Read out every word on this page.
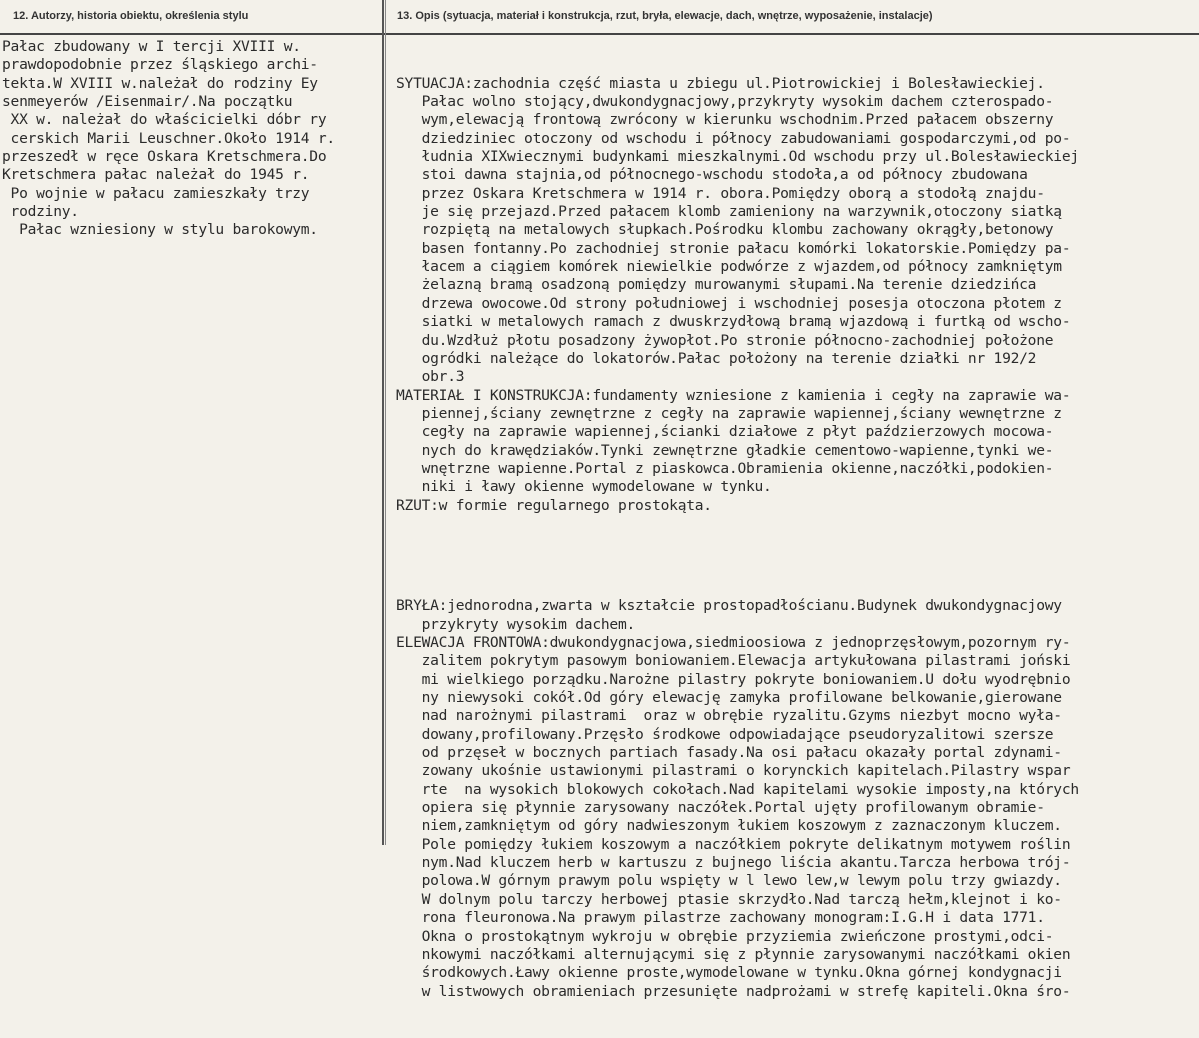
12. Autorzy, historia obiektu, określenia stylu	13. Opis (sytuacja, materiał i konstrukcja, rzut, bryła, elewacje, dach, wnętrze, wyposażenie, instalacje)
Pałac zbudowany w I tercji XVIII w.
prawdopodobnie przez śląskiego archi-
tekta.W XVIII w.należał do rodziny Ey
senmeyerów /Eisenmair/.Na początku
XX w. należał do właścicielki dóbr ry
cerskich Marii Leuschner.Około 1914 r.
przeszedł w ręce Oskara Kretschmera.Do
Kretschmera pałac należał do 1945 r.
Po wojnie w pałacu zamieszkały trzy
rodziny.
Pałac wzniesiony w stylu barokowym.

SYTUACJA:zachodnia część miasta u zbiegu ul.Piotrowickiej i Bolesławieckiej.
Pałac wolno stojący,dwukondygnacjowy,przykryty wysokim dachem czterospado-
wym,elewacją frontową zwrócony w kierunku wschodnim.Przed pałacem obszerny
dziedziniec otoczony od wschodu i północy zabudowaniami gospodarczymi,od po-
łudnia XIXwiecznymi budynkami mieszkalnymi.Od wschodu przy ul.Bolesławieckiej
stoi dawna stajnia,od północnego-wschodu stodoła,a od północy zbudowana
przez Oskara Kretschmera w 1914 r. obora.Pomiędzy oborą a stodołą znajdu-
je się przejazd.Przed pałacem klomb zamieniony na warzywnik,otoczony siatką
rozpiętą na metalowych słupkach.Pośrodku klombu zachowany okrągły,betonowy
basen fontanny.Po zachodniej stronie pałacu komórki lokatorskie.Pomiędzy pa-
łacem a ciągiem komórek niewielkie podwórze z wjazdem,od północy zamkniętym
żelazną bramą osadzoną pomiędzy murowanymi słupami.Na terenie dziedzińca
drzewa owocowe.Od strony południowej i wschodniej posesja otoczona płotem z
siatki w metalowych ramach z dwuskrzydłową bramą wjazdową i furtką od wscho-
du.Wzdłuż płotu posadzony żywopłot.Po stronie północno-zachodniej położone
ogródki należące do lokatorów.Pałac położony na terenie działki nr 192/2
obr.3
MATERIAŁ I KONSTRUKCJA:fundamenty wzniesione z kamienia i cegły na zaprawie wa-
piennej,ściany zewnętrzne z cegły na zaprawie wapiennej,ściany wewnętrzne z
cegły na zaprawie wapiennej,ścianki działowe z płyt paździerzowych mocowa-
nych do krawędziaków.Tynki zewnętrzne gładkie cementowo-wapienne,tynki we-
wnętrzne wapienne.Portal z piaskowca.Obramienia okienne,naczółki,podokien-
niki i ławy okienne wymodelowane w tynku.
RZUT:w formie regularnego prostokąta.

BRYŁA:jednorodna,zwarta w kształcie prostopadłościanu.Budynek dwukondygnacjowy
przykryty wysokim dachem.
ELEWACJA FRONTOWA:dwukondygnacjowa,siedmioosiowa z jednoprzęsłowym,pozornym ry-
zalitem pokrytym pasowym boniowaniem.Elewacja artykułowana pilastrami joński
mi wielkiego porządku.Narożne pilastry pokryte boniowaniem.U dołu wyodrębnio
ny niewysoki cokół.Od góry elewację zamyka profilowane belkowanie,gierowane
nad narożnymi pilastrami  oraz w obrębie ryzalitu.Gzyms niezbyt mocno wyła-
dowany,profilowany.Przęsło środkowe odpowiadające pseudoryzalitowi szersze
od przęseł w bocznych partiach fasady.Na osi pałacu okazały portal zdynami-
zowany ukośnie ustawionymi pilastrami o korynckich kapitelach.Pilastry wspar
rte  na wysokich blokowych cokołach.Nad kapitelami wysokie imposty,na których
opiera się płynnie zarysowany naczółek.Portal ujęty profilowanym obramie-
niem,zamkniętym od góry nadwieszonym łukiem koszowym z zaznaczonym kluczem.
Pole pomiędzy łukiem koszowym a naczółkiem pokryte delikatnym motywem roślin
nym.Nad kluczem herb w kartuszu z bujnego liścia akantu.Tarcza herbowa trój-
polowa.W górnym prawym polu wspięty w l lewo lew,w lewym polu trzy gwiazdy.
W dolnym polu tarczy herbowej ptasie skrzydło.Nad tarczą hełm,klejnot i ko-
rona fleuronowa.Na prawym pilastrze zachowany monogram:I.G.H i data 1771.
Okna o prostokątnym wykroju w obrębie przyziemia zwieńczone prostymi,odci-
nkowymi naczółkami alternującymi się z płynnie zarysowanymi naczółkami okien
środkowych.Ławy okienne proste,wymodelowane w tynku.Okna górnej kondygnacji
w listwowych obramieniach przesunięte nadprożami w strefę kapiteli.Okna śro-
